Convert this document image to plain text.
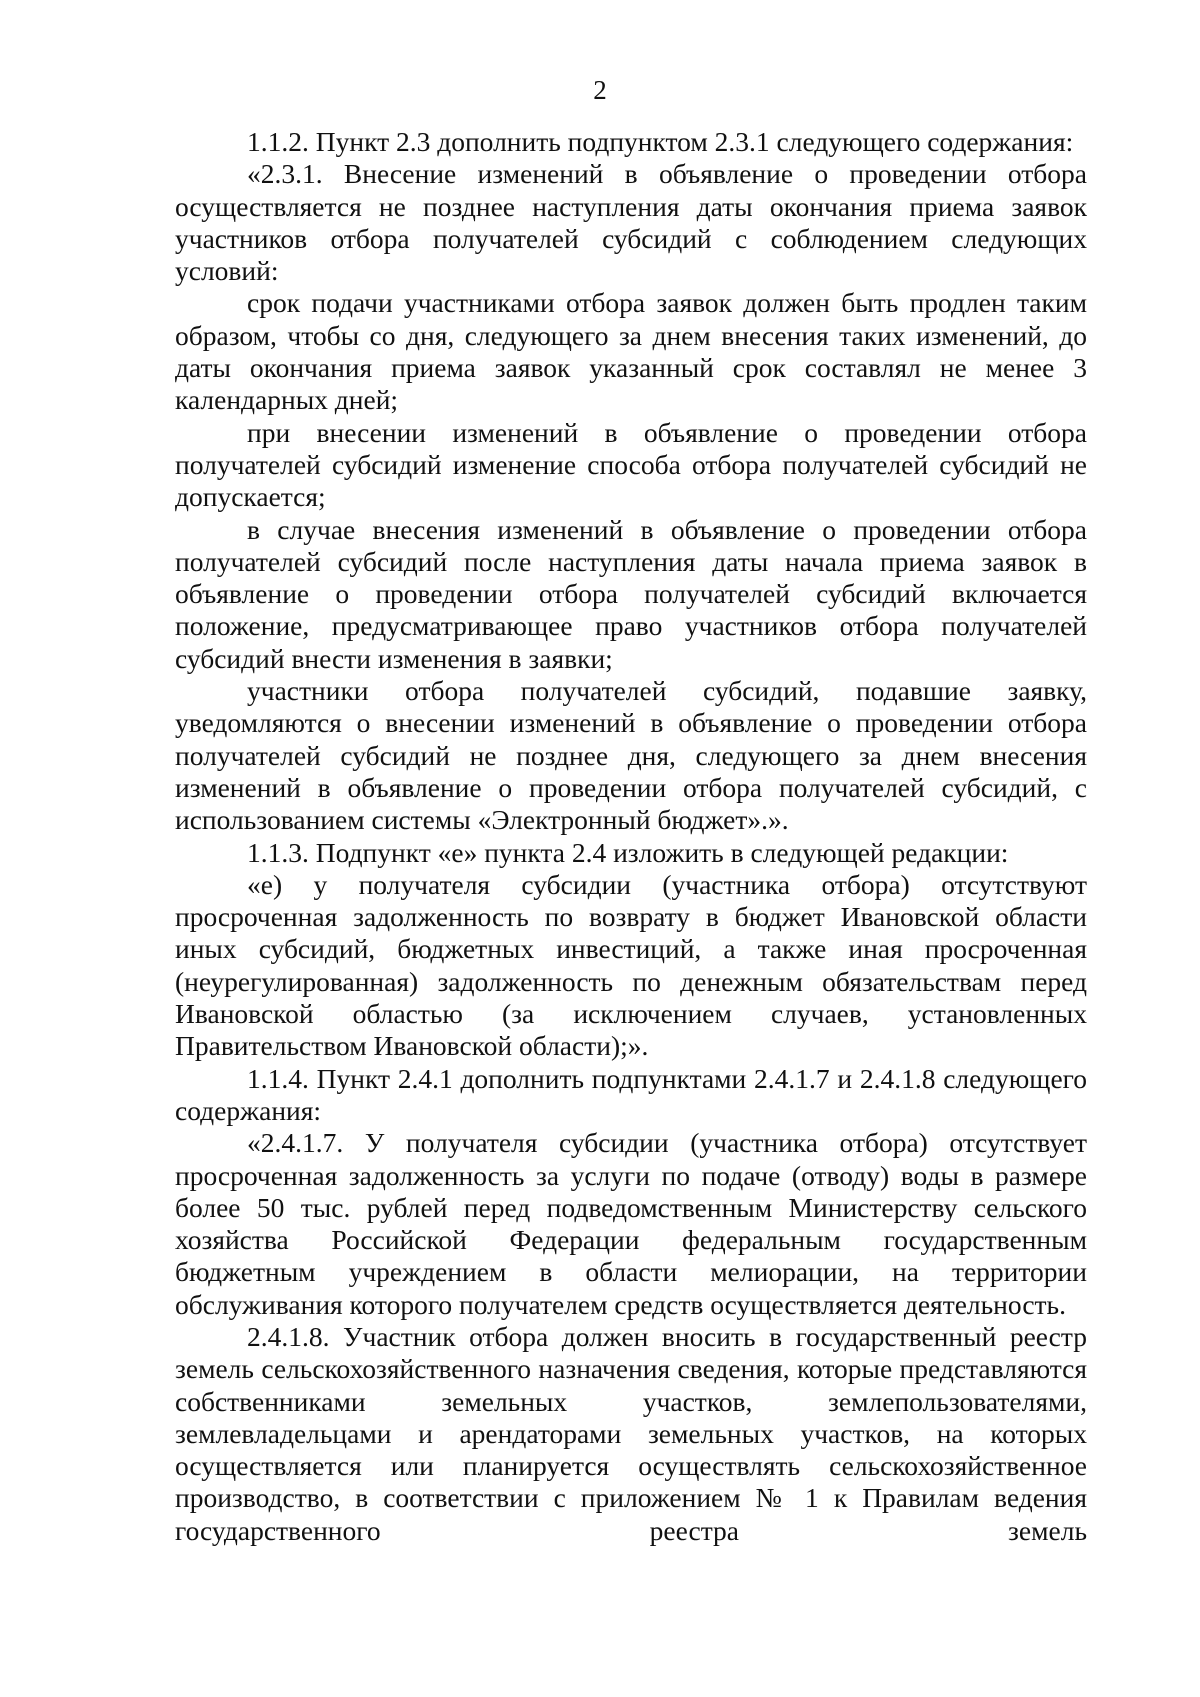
2

1.1.2. Пункт 2.3 дополнить подпунктом 2.3.1 следующего содержания:

«2.3.1. Внесение изменений в объявление о проведении отбора осуществляется не позднее наступления даты окончания приема заявок участников отбора получателей субсидий с соблюдением следующих условий:

срок подачи участниками отбора заявок должен быть продлен таким образом, чтобы со дня, следующего за днем внесения таких изменений, до даты окончания приема заявок указанный срок составлял не менее 3 календарных дней;

при внесении изменений в объявление о проведении отбора получателей субсидий изменение способа отбора получателей субсидий не допускается;

в случае внесения изменений в объявление о проведении отбора получателей субсидий после наступления даты начала приема заявок в объявление о проведении отбора получателей субсидий включается положение, предусматривающее право участников отбора получателей субсидий внести изменения в заявки;

участники отбора получателей субсидий, подавшие заявку, уведомляются о внесении изменений в объявление о проведении отбора получателей субсидий не позднее дня, следующего за днем внесения изменений в объявление о проведении отбора получателей субсидий, с использованием системы «Электронный бюджет».».

1.1.3. Подпункт «е» пункта 2.4 изложить в следующей редакции:

«е) у получателя субсидии (участника отбора) отсутствуют просроченная задолженность по возврату в бюджет Ивановской области иных субсидий, бюджетных инвестиций, а также иная просроченная (неурегулированная) задолженность по денежным обязательствам перед Ивановской областью (за исключением случаев, установленных Правительством Ивановской области);».

1.1.4. Пункт 2.4.1 дополнить подпунктами 2.4.1.7 и 2.4.1.8 следующего содержания:

«2.4.1.7. У получателя субсидии (участника отбора) отсутствует просроченная задолженность за услуги по подаче (отводу) воды в размере более 50 тыс. рублей перед подведомственным Министерству сельского хозяйства Российской Федерации федеральным государственным бюджетным учреждением в области мелиорации, на территории обслуживания которого получателем средств осуществляется деятельность.

2.4.1.8. Участник отбора должен вносить в государственный реестр земель сельскохозяйственного назначения сведения, которые представляются собственниками земельных участков, землепользователями, землевладельцами и арендаторами земельных участков, на которых осуществляется или планируется осуществлять сельскохозяйственное производство, в соответствии с приложением № 1 к Правилам ведения государственного реестра земель
